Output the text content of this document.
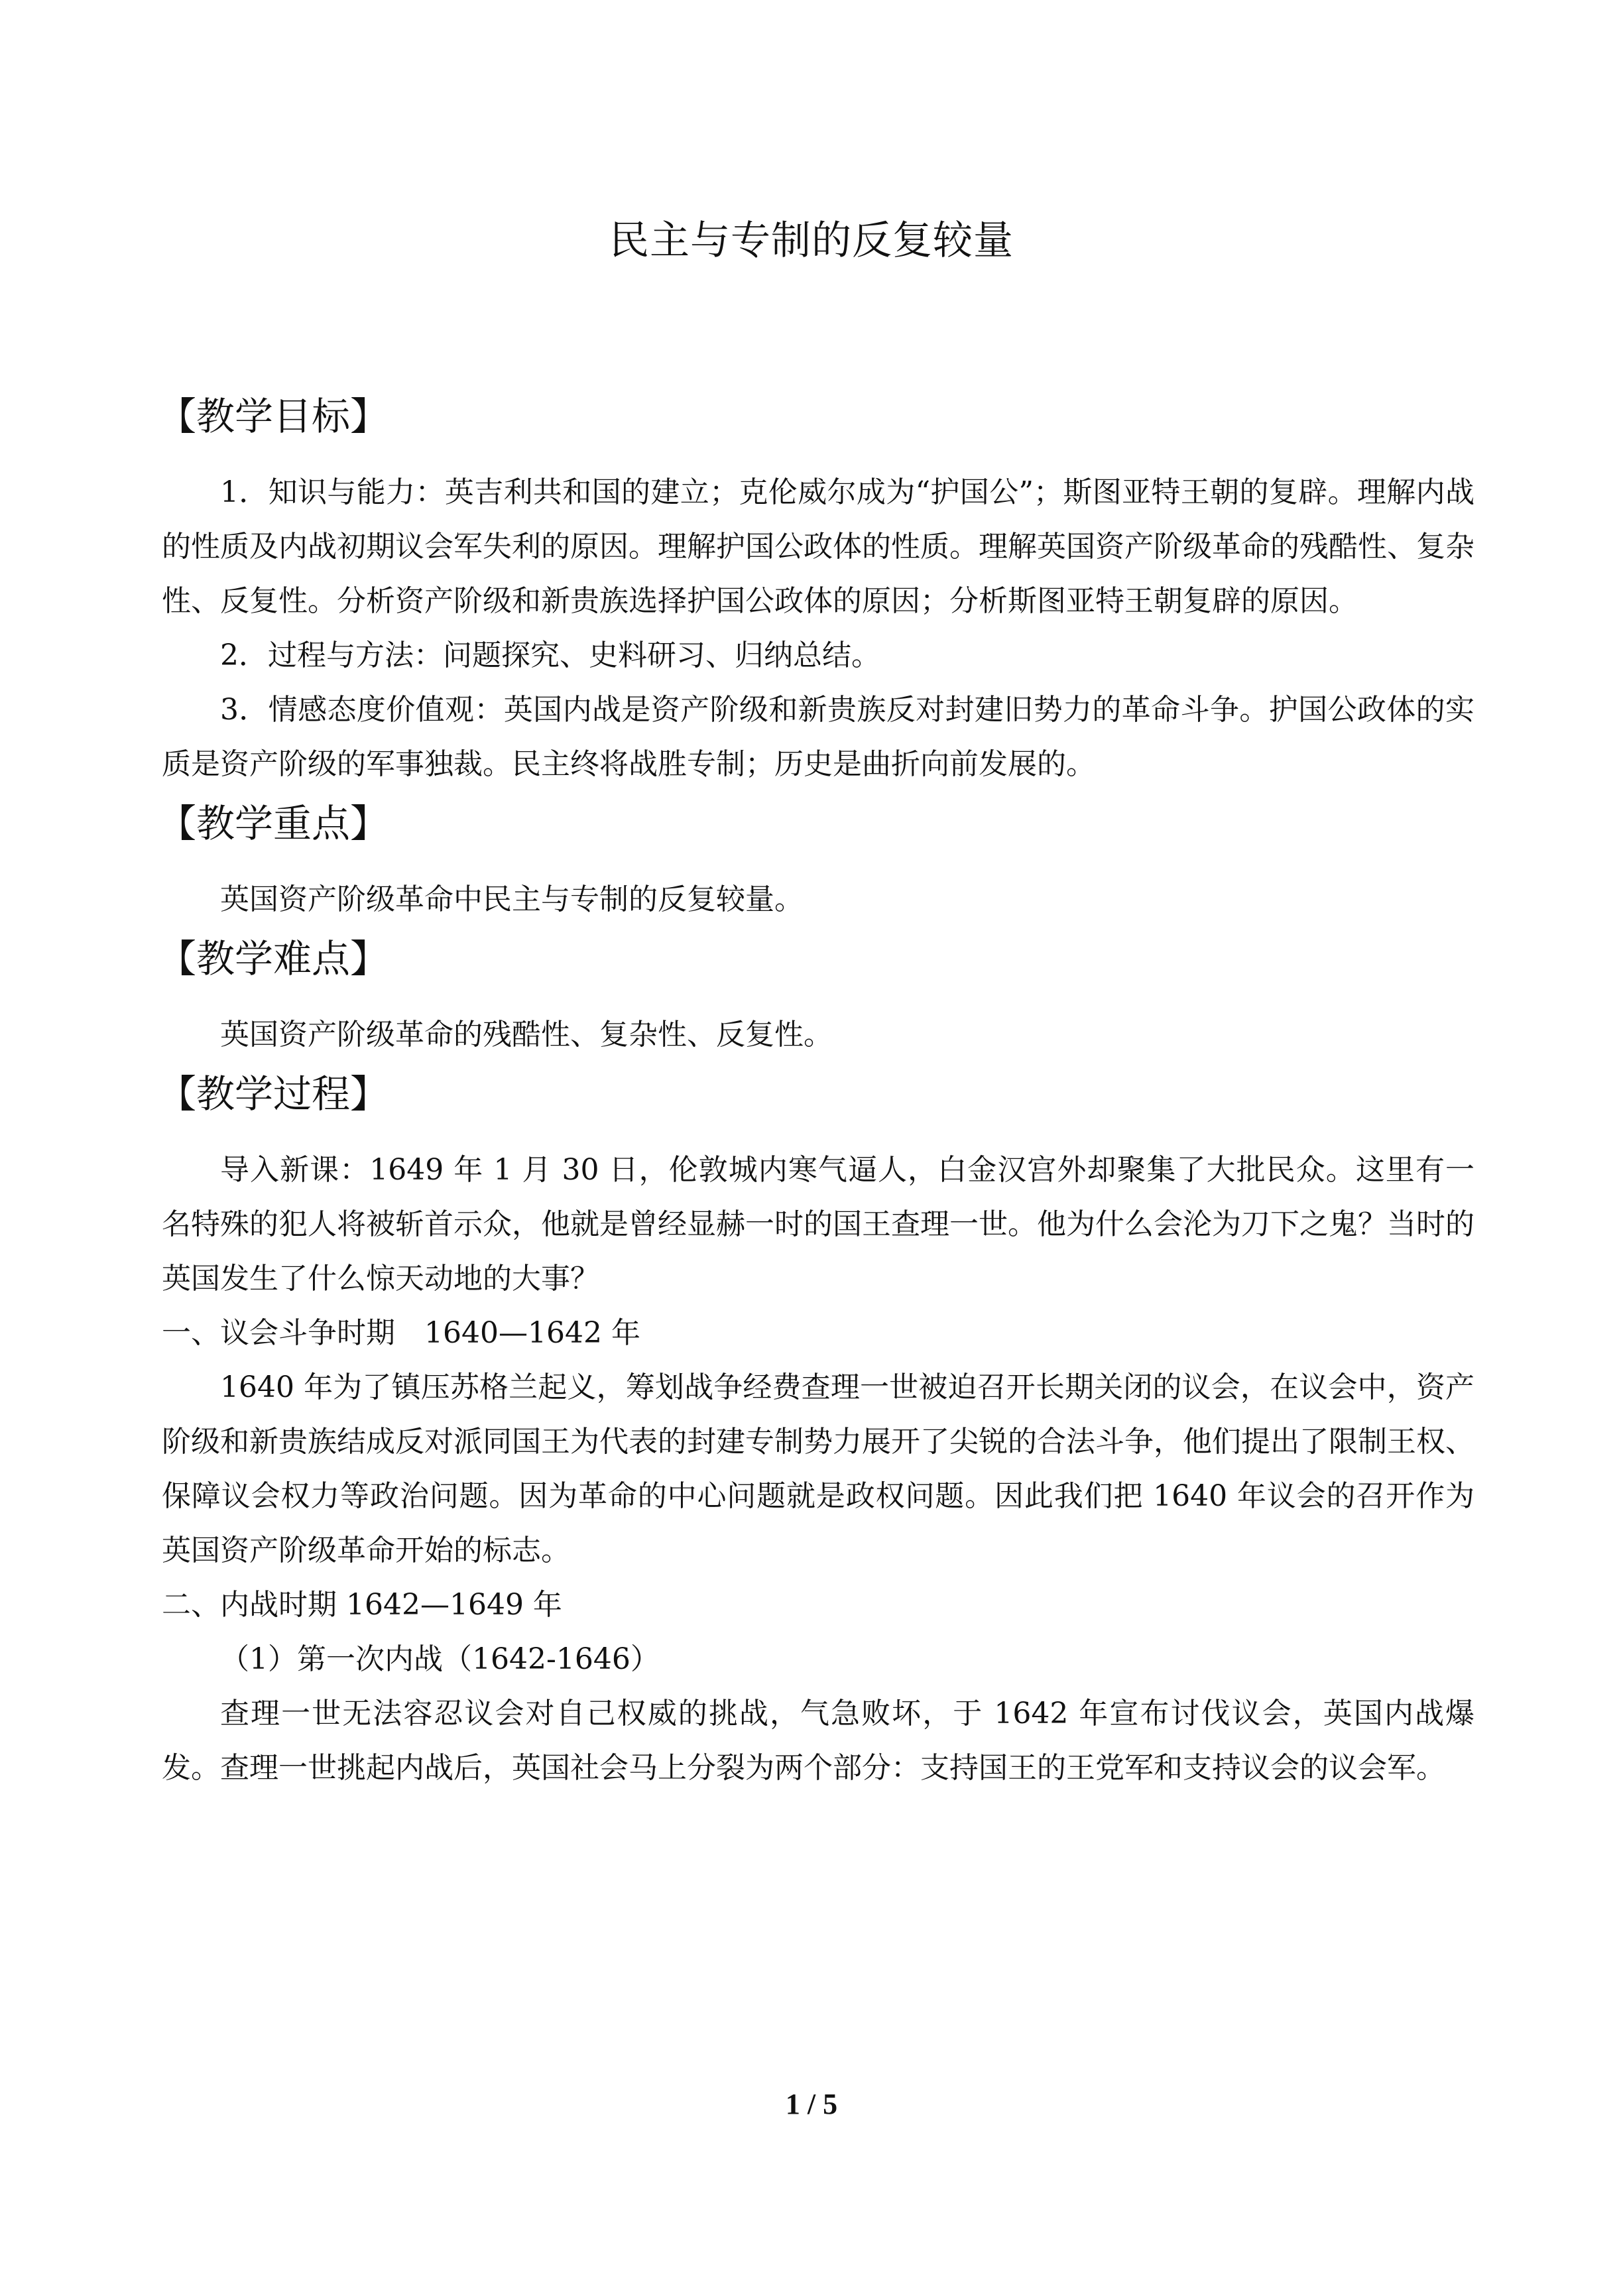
民主与专制的反复较量
【教学目标】

1．知识与能力：英吉利共和国的建立；克伦威尔成为“护国公”；斯图亚特王朝的复辟。理解内战的性质及内战初期议会军失利的原因。理解护国公政体的性质。理解英国资产阶级革命的残酷性、复杂性、反复性。分析资产阶级和新贵族选择护国公政体的原因；分析斯图亚特王朝复辟的原因。

2．过程与方法：问题探究、史料研习、归纳总结。

3．情感态度价值观：英国内战是资产阶级和新贵族反对封建旧势力的革命斗争。护国公政体的实质是资产阶级的军事独裁。民主终将战胜专制；历史是曲折向前发展的。

【教学重点】

英国资产阶级革命中民主与专制的反复较量。

【教学难点】

英国资产阶级革命的残酷性、复杂性、反复性。

【教学过程】

导入新课：1649 年 1 月 30 日，伦敦城内寒气逼人，白金汉宫外却聚集了大批民众。这里有一名特殊的犯人将被斩首示众，他就是曾经显赫一时的国王查理一世。他为什么会沦为刀下之鬼？当时的英国发生了什么惊天动地的大事？

一、议会斗争时期　1640—1642 年

1640 年为了镇压苏格兰起义，筹划战争经费查理一世被迫召开长期关闭的议会，在议会中，资产阶级和新贵族结成反对派同国王为代表的封建专制势力展开了尖锐的合法斗争，他们提出了限制王权、保障议会权力等政治问题。因为革命的中心问题就是政权问题。因此我们把 1640 年议会的召开作为英国资产阶级革命开始的标志。

二、内战时期 1642—1649 年

（1）第一次内战（1642-1646）

查理一世无法容忍议会对自己权威的挑战，气急败坏，于 1642 年宣布讨伐议会，英国内战爆发。查理一世挑起内战后，英国社会马上分裂为两个部分：支持国王的王党军和支持议会的议会军。

1 / 5
